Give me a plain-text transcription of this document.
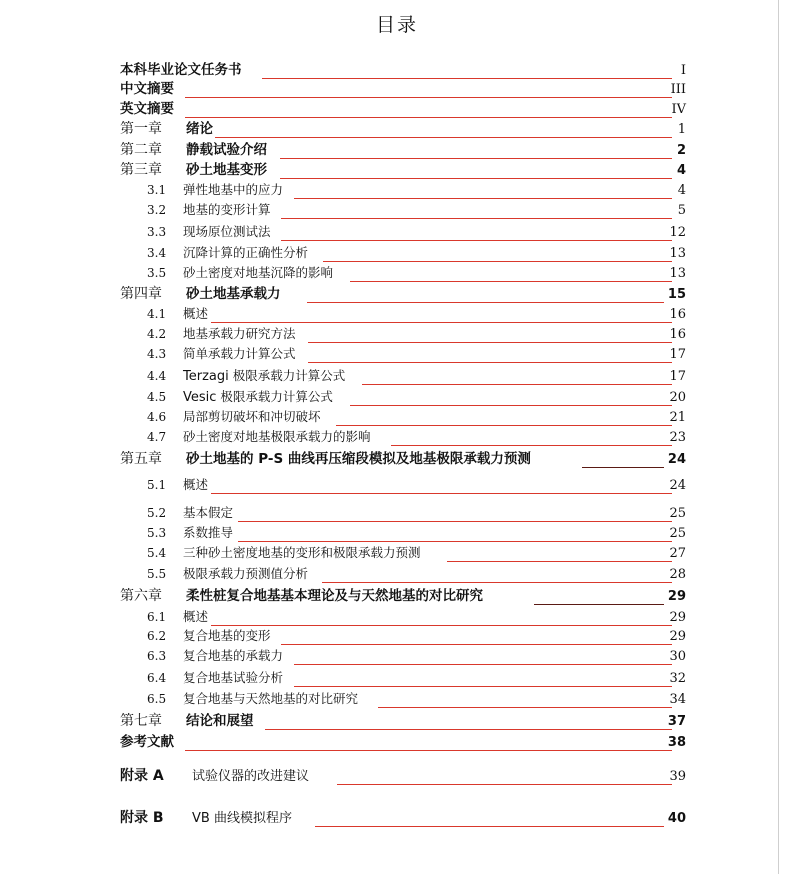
目录
本科毕业论文任务书	I
中文摘要	III
英文摘要	IV
第一章 绪论	1
第二章 静载试验介绍	2
第三章 砂土地基变形	4
3.1 弹性地基中的应力	4
3.2 地基的变形计算	5
3.3 现场原位测试法	12
3.4 沉降计算的正确性分析	13
3.5 砂土密度对地基沉降的影响	13
第四章 砂土地基承载力	15
4.1 概述	16
4.2 地基承载力研究方法	16
4.3 简单承载力计算公式	17
4.4 Terzagi 极限承载力计算公式	17
4.5 Vesic 极限承载力计算公式	20
4.6 局部剪切破坏和冲切破坏	21
4.7 砂土密度对地基极限承载力的影响	23
第五章 砂土地基的 P-S 曲线再压缩段模拟及地基极限承载力预测	24
5.1 概述	24
5.2 基本假定	25
5.3 系数推导	25
5.4 三种砂土密度地基的变形和极限承载力预测	27
5.5 极限承载力预测值分析	28
第六章 柔性桩复合地基基本理论及与天然地基的对比研究	29
6.1 概述	29
6.2 复合地基的变形	29
6.3 复合地基的承载力	30
6.4 复合地基试验分析	32
6.5 复合地基与天然地基的对比研究	34
第七章 结论和展望	37
参考文献	38
附录 A 试验仪器的改进建议	39
附录 B VB 曲线模拟程序	40
